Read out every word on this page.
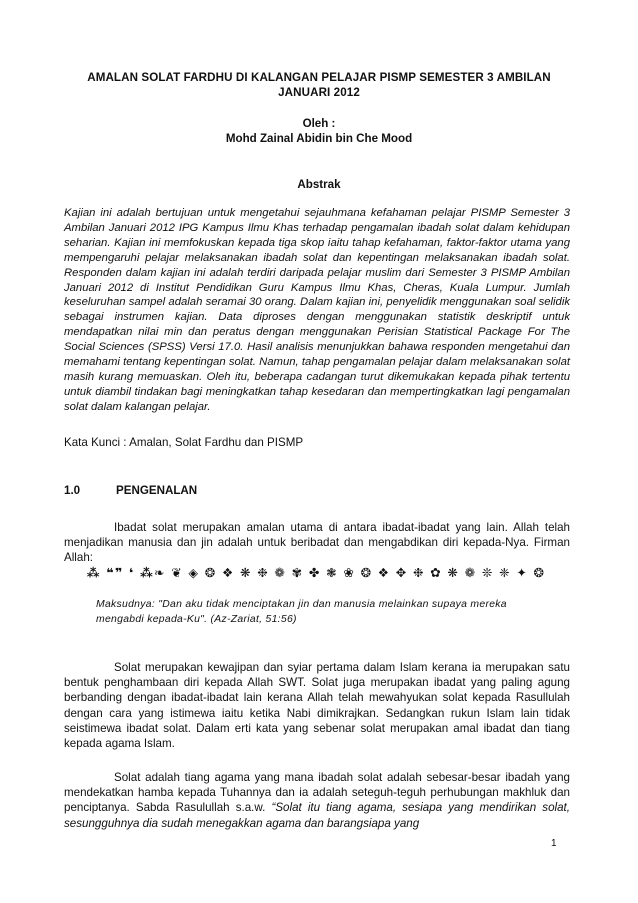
AMALAN SOLAT FARDHU DI KALANGAN PELAJAR PISMP SEMESTER 3 AMBILAN JANUARI 2012
Oleh :
Mohd Zainal Abidin bin Che Mood
Abstrak
Kajian ini adalah bertujuan untuk mengetahui sejauhmana kefahaman pelajar PISMP Semester 3 Ambilan Januari 2012 IPG Kampus Ilmu Khas terhadap pengamalan ibadah solat dalam kehidupan seharian. Kajian ini memfokuskan kepada tiga skop iaitu tahap kefahaman, faktor-faktor utama yang mempengaruhi pelajar melaksanakan ibadah solat dan kepentingan melaksanakan ibadah solat. Responden dalam kajian ini adalah terdiri daripada pelajar muslim dari Semester 3 PISMP Ambilan Januari 2012 di Institut Pendidikan Guru Kampus Ilmu Khas, Cheras, Kuala Lumpur. Jumlah keseluruhan sampel adalah seramai 30 orang. Dalam kajian ini, penyelidik menggunakan soal selidik sebagai instrumen kajian. Data diproses dengan menggunakan statistik deskriptif untuk mendapatkan nilai min dan peratus dengan menggunakan Perisian Statistical Package For The Social Sciences (SPSS) Versi 17.0. Hasil analisis menunjukkan bahawa responden mengetahui dan memahami tentang kepentingan solat. Namun, tahap pengamalan pelajar dalam melaksanakan solat masih kurang memuaskan. Oleh itu, beberapa cadangan turut dikemukakan kepada pihak tertentu untuk diambil tindakan bagi meningkatkan tahap kesedaran dan mempertingkatkan lagi pengamalan solat dalam kalangan pelajar.
Kata Kunci : Amalan, Solat Fardhu dan PISMP
1.0	PENGENALAN
Ibadat solat merupakan amalan utama di antara ibadat-ibadat yang lain. Allah telah menjadikan manusia dan jin adalah untuk beribadat dan mengabdikan diri kepada-Nya. Firman Allah:
⁂ ❝❞ ❛ ⁂❧ ❦ ◈ ❂ ❖ ❋ ❉ ❁ ✾ ✤ ❃ ❀ ❂ ❖ ✥ ❉ ✿ ❋ ❁ ❊ ❈ ✦ ❂
Maksudnya: "Dan aku tidak menciptakan jin dan manusia melainkan supaya mereka mengabdi kepada-Ku". (Az-Zariat, 51:56)
Solat merupakan kewajipan dan syiar pertama dalam Islam kerana ia merupakan satu bentuk penghambaan diri kepada Allah SWT. Solat juga merupakan ibadat yang paling agung berbanding dengan ibadat-ibadat lain kerana Allah telah mewahyukan solat kepada Rasullulah dengan cara yang istimewa iaitu ketika Nabi dimikrajkan. Sedangkan rukun Islam lain tidak seistimewa ibadat solat. Dalam erti kata yang sebenar solat merupakan amal ibadat dan tiang kepada agama Islam.
Solat adalah tiang agama yang mana ibadah solat adalah sebesar-besar ibadah yang mendekatkan hamba kepada Tuhannya dan ia adalah seteguh-teguh perhubungan makhluk dan penciptanya. Sabda Rasulullah s.a.w. “Solat itu tiang agama, sesiapa yang mendirikan solat, sesungguhnya dia sudah menegakkan agama dan barangsiapa yang
1
